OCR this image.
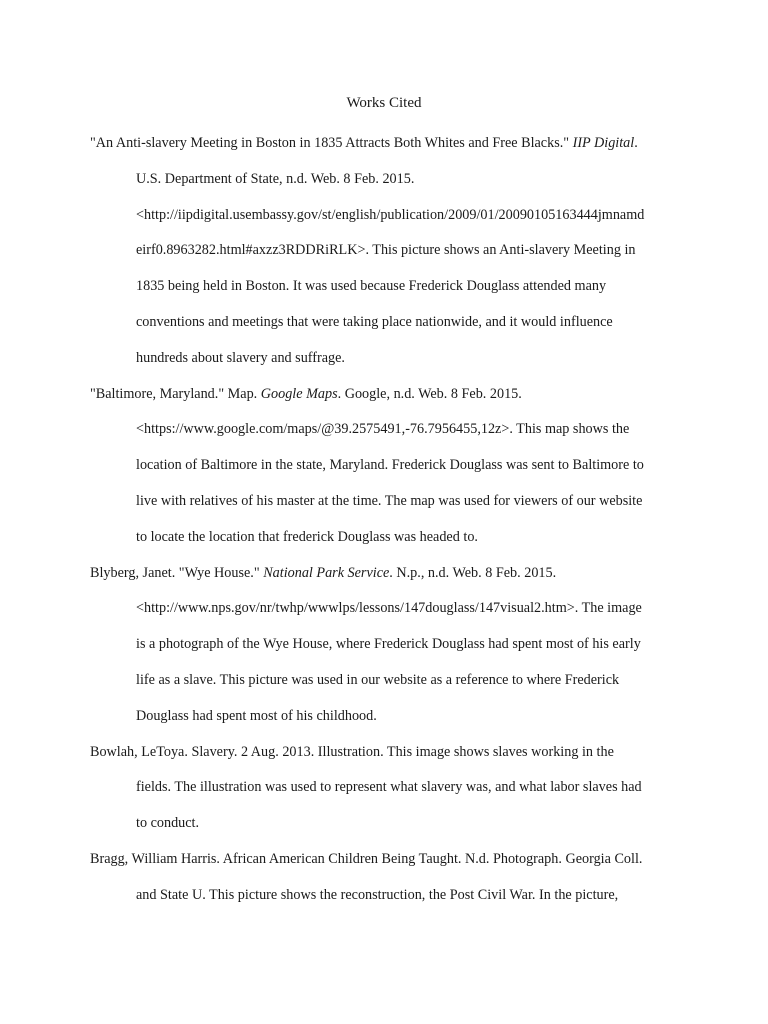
Works Cited
"An Anti-slavery Meeting in Boston in 1835 Attracts Both Whites and Free Blacks." IIP Digital.
U.S. Department of State, n.d. Web. 8 Feb. 2015.
<http://iipdigital.usembassy.gov/st/english/publication/2009/01/20090105163444jmnamd
eirf0.8963282.html#axzz3RDDRiRLK>. This picture shows an Anti-slavery Meeting in
1835 being held in Boston. It was used because Frederick Douglass attended many
conventions and meetings that were taking place nationwide, and it would influence
hundreds about slavery and suffrage.
"Baltimore, Maryland." Map. Google Maps. Google, n.d. Web. 8 Feb. 2015.
<https://www.google.com/maps/@39.2575491,-76.7956455,12z>. This map shows the
location of Baltimore in the state, Maryland. Frederick Douglass was sent to Baltimore to
live with relatives of his master at the time. The map was used for viewers of our website
to locate the location that frederick Douglass was headed to.
Blyberg, Janet. "Wye House." National Park Service. N.p., n.d. Web. 8 Feb. 2015.
<http://www.nps.gov/nr/twhp/wwwlps/lessons/147douglass/147visual2.htm>. The image
is a photograph of the Wye House, where Frederick Douglass had spent most of his early
life as a slave. This picture was used in our website as a reference to where Frederick
Douglass had spent most of his childhood.
Bowlah, LeToya. Slavery. 2 Aug. 2013. Illustration. This image shows slaves working in the
fields. The illustration was used to represent what slavery was, and what labor slaves had
to conduct.
Bragg, William Harris. African American Children Being Taught. N.d. Photograph. Georgia Coll.
and State U. This picture shows the reconstruction, the Post Civil War. In the picture,
